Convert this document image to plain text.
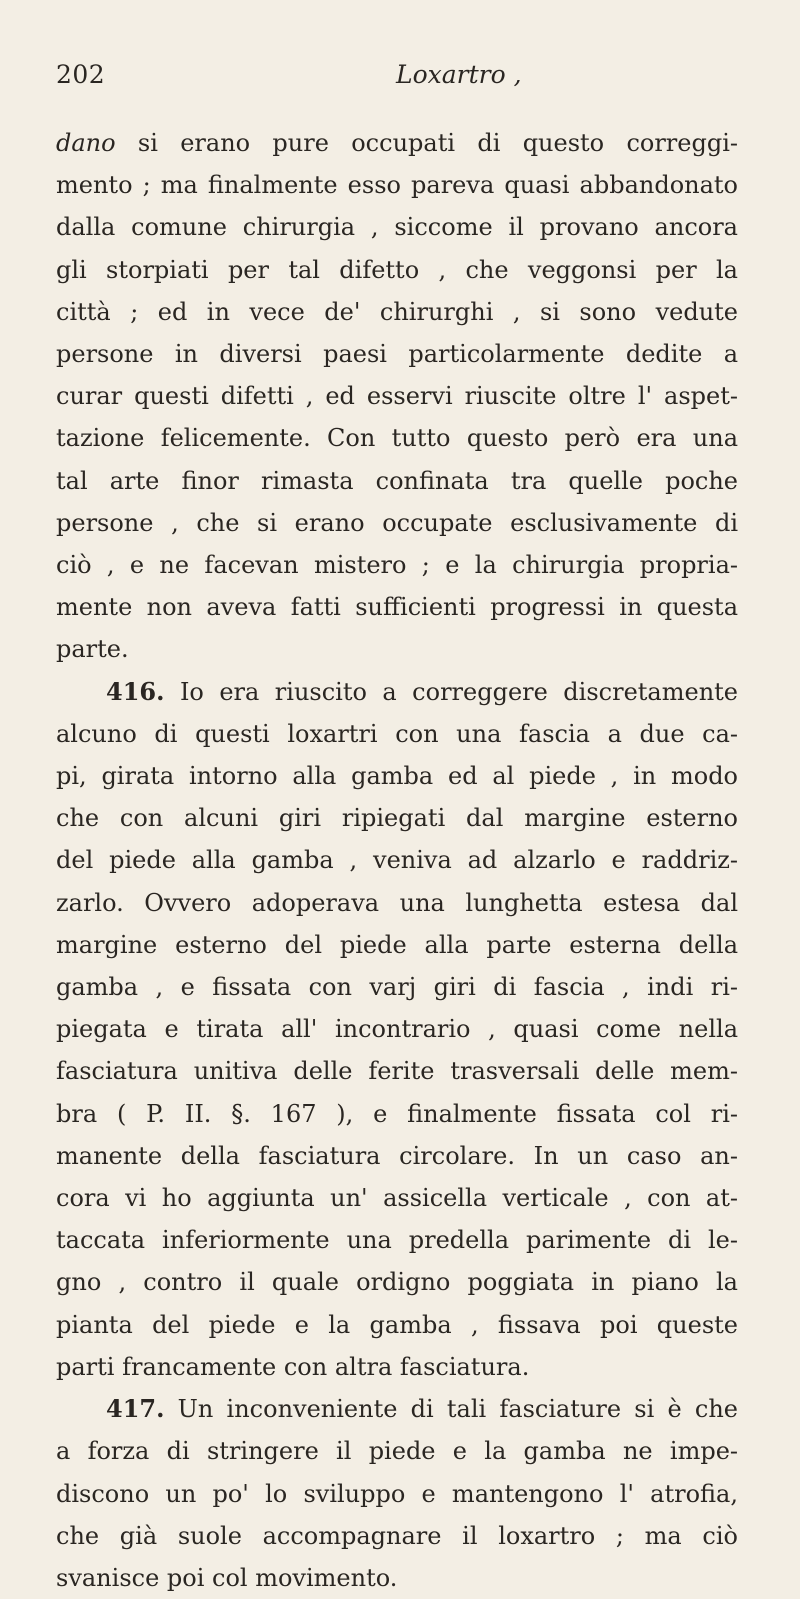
202	Loxartro ,

dano si erano pure occupati di questo correggi-
mento ; ma finalmente esso pareva quasi abbandonato
dalla comune chirurgia , siccome il provano ancora
gli storpiati per tal difetto , che veggonsi per la
città ; ed in vece de' chirurghi , si sono vedute
persone in diversi paesi particolarmente dedite a
curar questi difetti , ed esservi riuscite oltre l' aspet-
tazione felicemente. Con tutto questo però era una
tal arte finor rimasta confinata tra quelle poche
persone , che si erano occupate esclusivamente di
ciò , e ne facevan mistero ; e la chirurgia propria-
mente non aveva fatti sufficienti progressi in questa
parte.

416. Io era riuscito a correggere discretamente
alcuno di questi loxartri con una fascia a due ca-
pi, girata intorno alla gamba ed al piede , in modo
che con alcuni giri ripiegati dal margine esterno
del piede alla gamba , veniva ad alzarlo e raddriz-
zarlo. Ovvero adoperava una lunghetta estesa dal
margine esterno del piede alla parte esterna della
gamba , e fissata con varj giri di fascia , indi ri-
piegata e tirata all' incontrario , quasi come nella
fasciatura unitiva delle ferite trasversali delle mem-
bra ( P. II. §. 167 ), e finalmente fissata col ri-
manente della fasciatura circolare. In un caso an-
cora vi ho aggiunta un' assicella verticale , con at-
taccata inferiormente una predella parimente di le-
gno , contro il quale ordigno poggiata in piano la
pianta del piede e la gamba , fissava poi queste
parti francamente con altra fasciatura.

417. Un inconveniente di tali fasciature si è che
a forza di stringere il piede e la gamba ne impe-
discono un po' lo sviluppo e mantengono l' atrofia,
che già suole accompagnare il loxartro ; ma ciò
svanisce poi col movimento.
